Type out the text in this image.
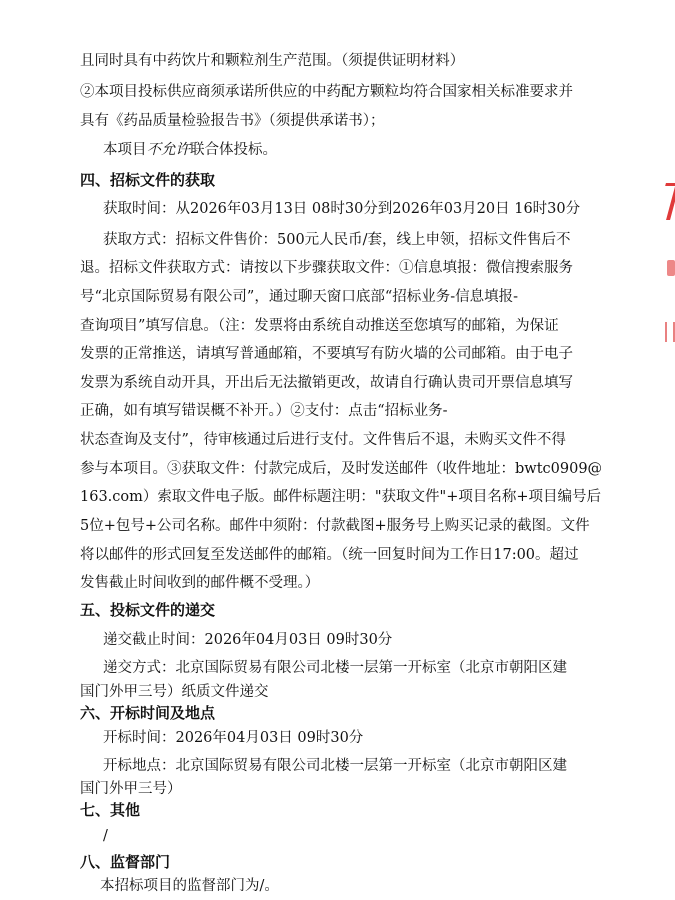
且同时具有中药饮片和颗粒剂生产范围。（须提供证明材料）
②本项目投标供应商须承诺所供应的中药配方颗粒均符合国家相关标准要求并
具有《药品质量检验报告书》（须提供承诺书）；
本项目不允许联合体投标。
四、招标文件的获取
获取时间：从2026年03月13日 08时30分到2026年03月20日 16时30分
获取方式：招标文件售价：500元人民币/套，线上申领，招标文件售后不
退。招标文件获取方式：请按以下步骤获取文件：①信息填报：微信搜索服务
号“北京国际贸易有限公司”，通过聊天窗口底部“招标业务-信息填报-
查询项目”填写信息。（注：发票将由系统自动推送至您填写的邮箱，为保证
发票的正常推送，请填写普通邮箱，不要填写有防火墙的公司邮箱。由于电子
发票为系统自动开具，开出后无法撤销更改，故请自行确认贵司开票信息填写
正确，如有填写错误概不补开。）②支付：点击“招标业务-
状态查询及支付”，待审核通过后进行支付。文件售后不退，未购买文件不得
参与本项目。③获取文件：付款完成后，及时发送邮件（收件地址：bwtc0909@
163.com）索取文件电子版。邮件标题注明："获取文件"+项目名称+项目编号后
5位+包号+公司名称。邮件中须附：付款截图+服务号上购买记录的截图。文件
将以邮件的形式回复至发送邮件的邮箱。（统一回复时间为工作日17:00。超过
发售截止时间收到的邮件概不受理。）
五、投标文件的递交
递交截止时间：2026年04月03日 09时30分
递交方式：北京国际贸易有限公司北楼一层第一开标室（北京市朝阳区建
国门外甲三号）纸质文件递交
六、开标时间及地点
开标时间：2026年04月03日 09时30分
开标地点：北京国际贸易有限公司北楼一层第一开标室（北京市朝阳区建
国门外甲三号）
七、其他
/
八、监督部门
本招标项目的监督部门为/。
